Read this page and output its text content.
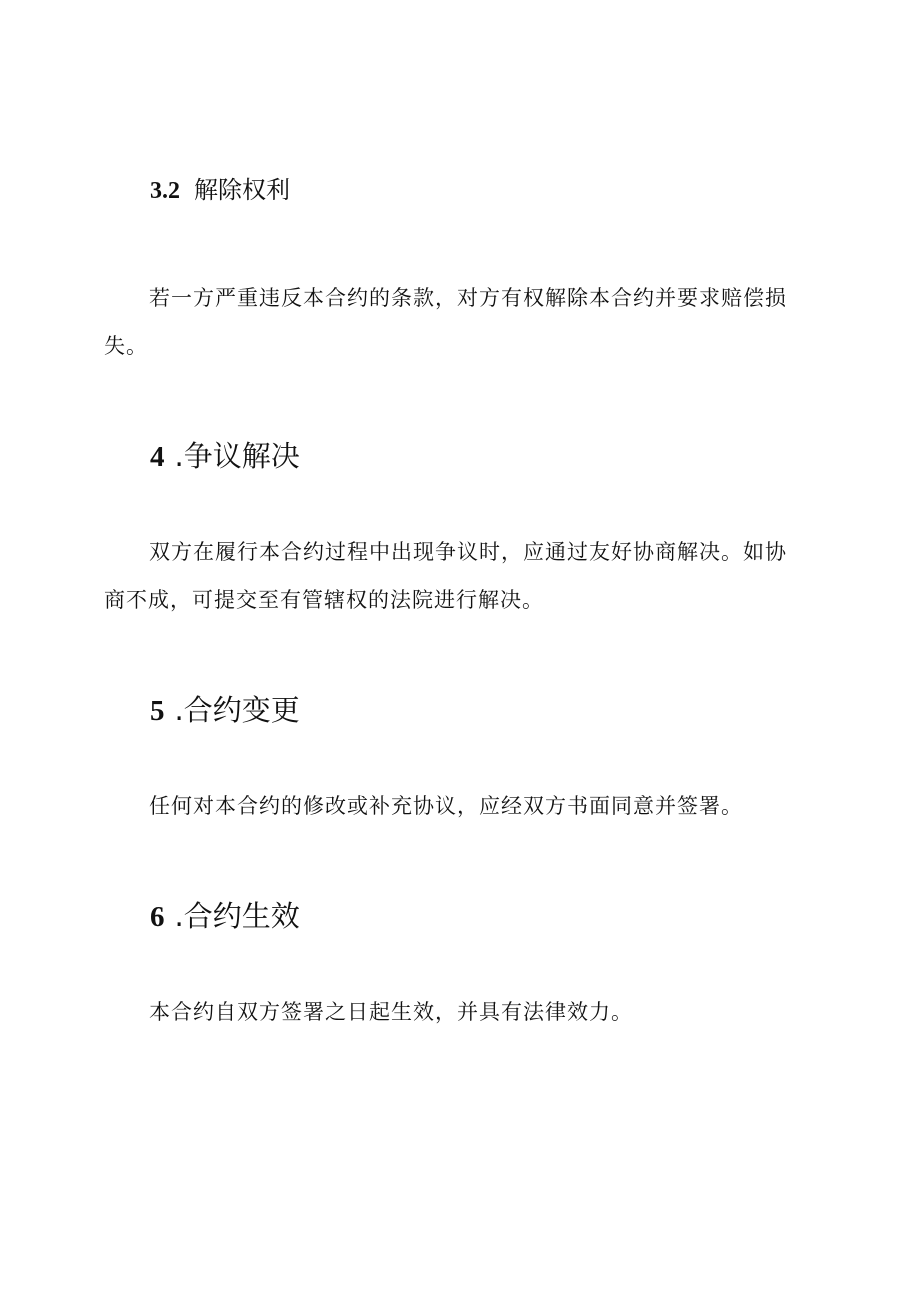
3.2 解除权利
若一方严重违反本合约的条款，对方有权解除本合约并要求赔偿损失。
4 .争议解决
双方在履行本合约过程中出现争议时，应通过友好协商解决。如协商不成，可提交至有管辖权的法院进行解决。
5 .合约变更
任何对本合约的修改或补充协议，应经双方书面同意并签署。
6 .合约生效
本合约自双方签署之日起生效，并具有法律效力。
